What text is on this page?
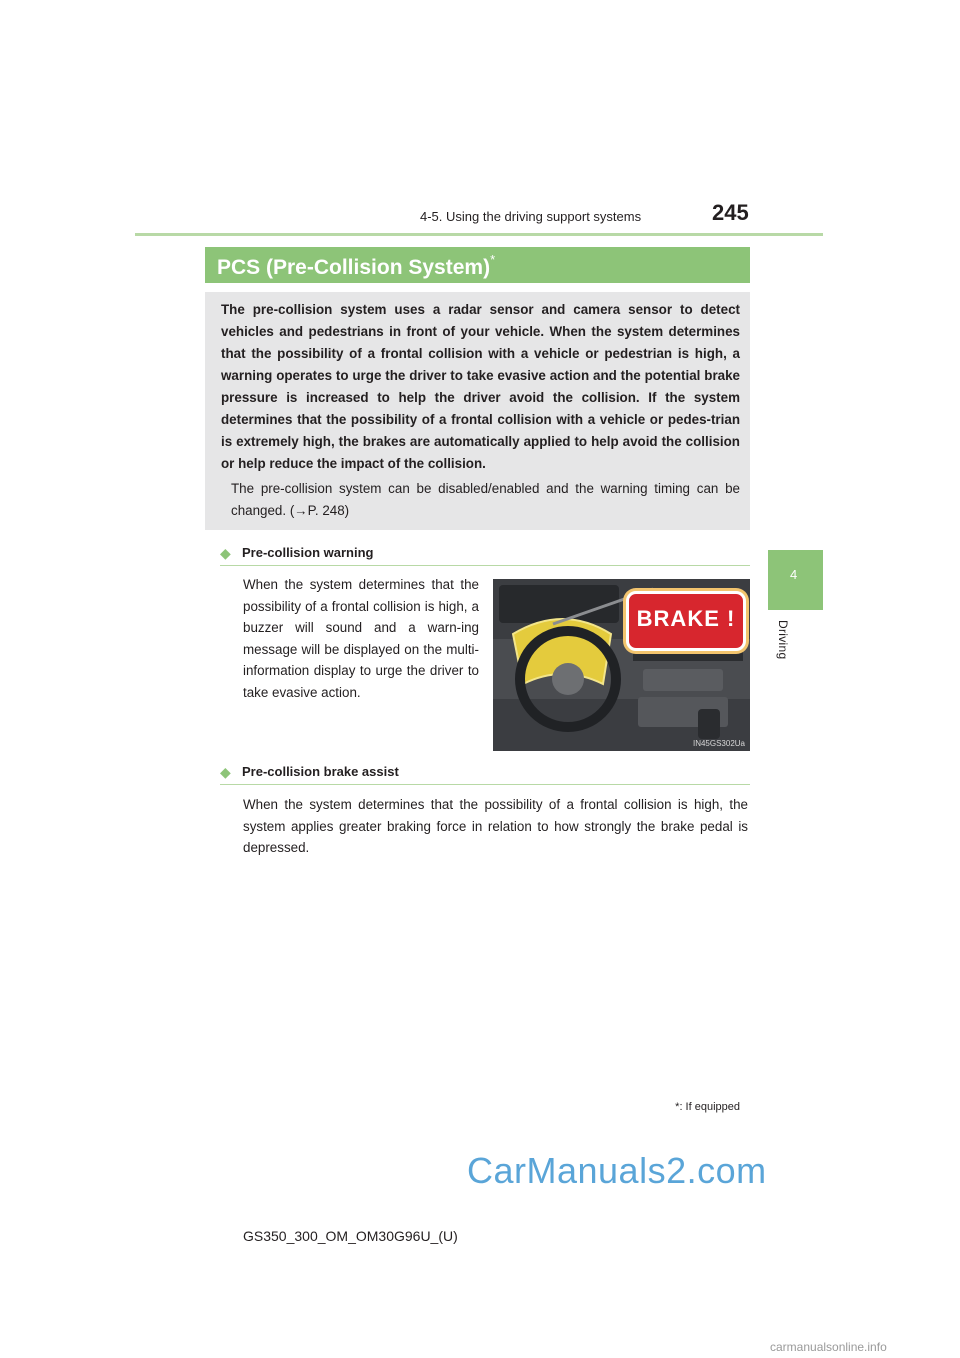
4-5. Using the driving support systems	245
4
Driving
PCS (Pre-Collision System)*

The pre-collision system uses a radar sensor and camera sensor to detect vehicles and pedestrians in front of your vehicle. When the system determines that the possibility of a frontal collision with a vehicle or pedestrian is high, a warning operates to urge the driver to take evasive action and the potential brake pressure is increased to help the driver avoid the collision. If the system determines that the possibility of a frontal collision with a vehicle or pedes-trian is extremely high, the brakes are automatically applied to help avoid the collision or help reduce the impact of the collision.

The pre-collision system can be disabled/enabled and the warning timing can be changed. (→P. 248)

◆ Pre-collision warning

When the system determines that the possibility of a frontal collision is high, a buzzer will sound and a warn-ing message will be displayed on the multi-information display to urge the driver to take evasive action.

BRAKE !
IN45GS302Ua
◆ Pre-collision brake assist

When the system determines that the possibility of a frontal collision is high, the system applies greater braking force in relation to how strongly the brake pedal is depressed.

*: If equipped
CarManuals2.com
GS350_300_OM_OM30G96U_(U)
carmanualsonline.info
